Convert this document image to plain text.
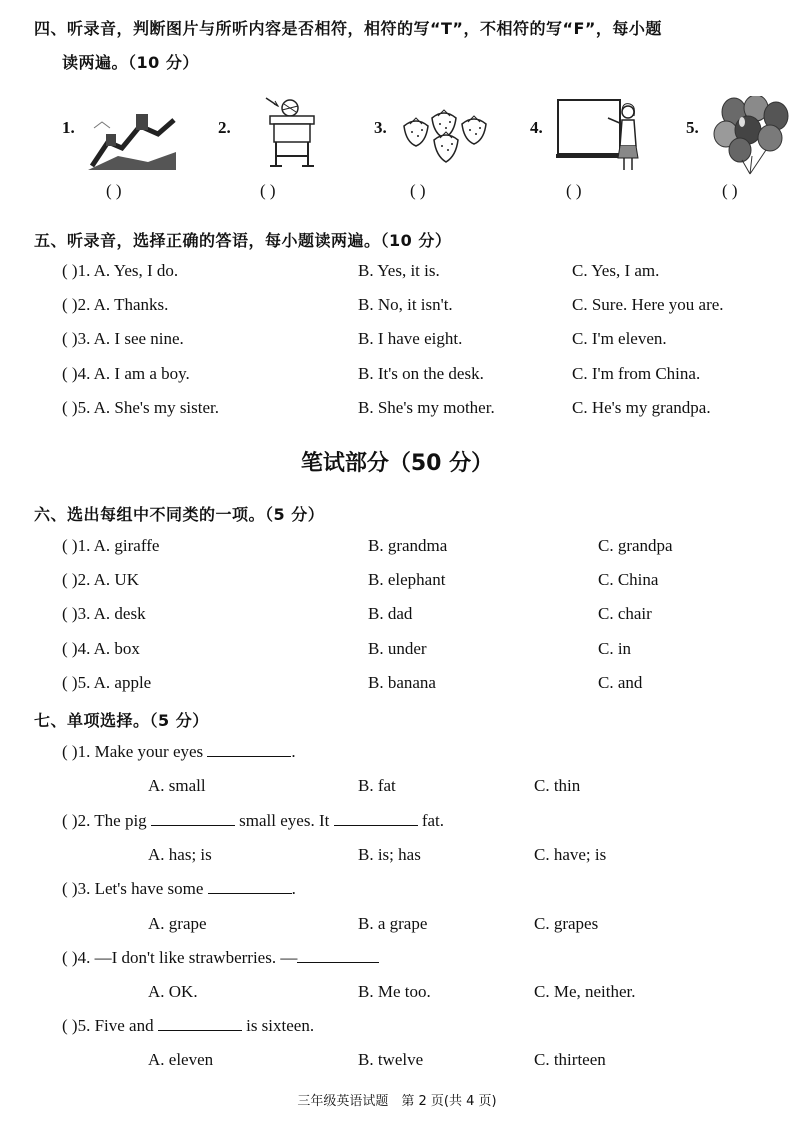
四、听录音，判断图片与所听内容是否相符，相符的写“T”，不相符的写“F”，每小题
读两遍。（10 分）
1.
( )
2.
( )
3.
( )
4.
( )
5.
( )
五、听录音，选择正确的答语，每小题读两遍。（10 分）
( )1. A. Yes, I do.	B. Yes, it is.	C. Yes, I am.
( )2. A. Thanks.	B. No, it isn't.	C. Sure. Here you are.
( )3. A. I see nine.	B. I have eight.	C. I'm eleven.
( )4. A. I am a boy.	B. It's on the desk.	C. I'm from China.
( )5. A. She's my sister.	B. She's my mother.	C. He's my grandpa.
笔试部分（50 分）
六、选出每组中不同类的一项。（5 分）
( )1. A. giraffe	B. grandma	C. grandpa
( )2. A. UK	B. elephant	C. China
( )3. A. desk	B. dad	C. chair
( )4. A. box	B. under	C. in
( )5. A. apple	B. banana	C. and
七、单项选择。（5 分）
( )1. Make your eyes	.
A. small	B. fat	C. thin
( )2. The pig	small eyes. It	fat.
A. has; is	B. is; has	C. have; is
( )3. Let's have some	.
A. grape	B. a grape	C. grapes
( )4. —I don't like strawberries. —
A. OK.	B. Me too.	C. Me, neither.
( )5. Five and	is sixteen.
A. eleven	B. twelve	C. thirteen
三年级英语试题　第 2 页(共 4 页)
